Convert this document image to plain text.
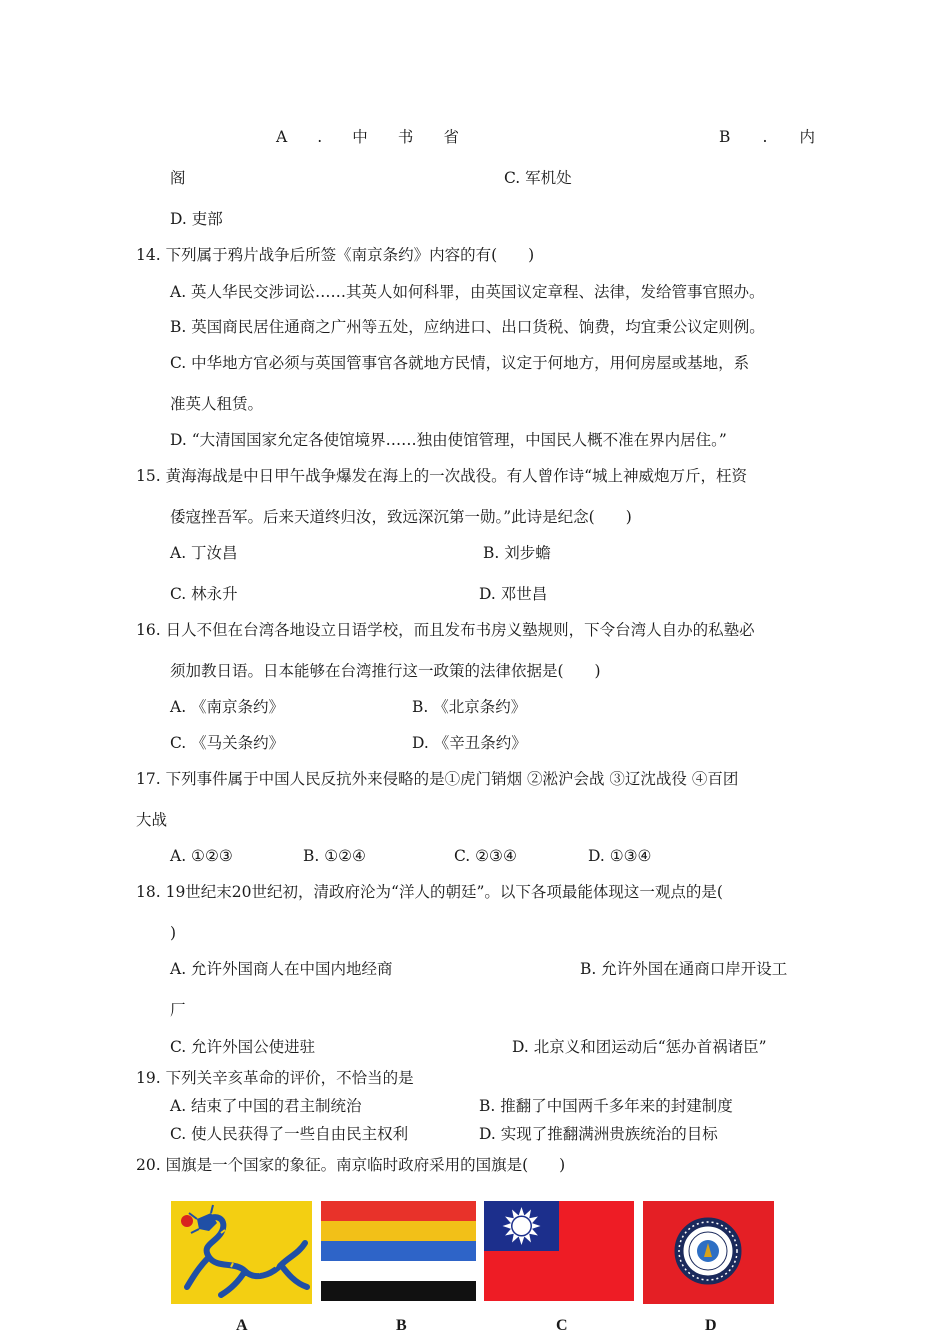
A . 中 书 省	B . 内
阁	C. 军机处
D. 吏部
14. 下列属于鸦片战争后所签《南京条约》内容的有(　　)
A. 英人华民交涉词讼……其英人如何科罪，由英国议定章程、法律，发给管事官照办。
B. 英国商民居住通商之广州等五处，应纳进口、出口货税、饷费，均宜秉公议定则例。
C. 中华地方官必须与英国管事官各就地方民情，议定于何地方，用何房屋或基地，系
准英人租赁。
D. “大清国国家允定各使馆境界……独由使馆管理，中国民人概不准在界内居住。”
15. 黄海海战是中日甲午战争爆发在海上的一次战役。有人曾作诗“城上神威炮万斤，枉资
倭寇挫吾军。后来天道终归汝，致远深沉第一勋。”此诗是纪念(　　)
A. 丁汝昌	B. 刘步蟾
C. 林永升	D. 邓世昌
16. 日人不但在台湾各地设立日语学校，而且发布书房义塾规则，下令台湾人自办的私塾必
须加教日语。日本能够在台湾推行这一政策的法律依据是(　　)
A. 《南京条约》	B. 《北京条约》
C. 《马关条约》	D. 《辛丑条约》
17. 下列事件属于中国人民反抗外来侵略的是①虎门销烟 ②淞沪会战 ③辽沈战役 ④百团
大战
A. ①②③	B. ①②④	C. ②③④	D. ①③④
18. 19世纪末20世纪初，清政府沦为“洋人的朝廷”。以下各项最能体现这一观点的是(
)
A. 允许外国商人在中国内地经商	B. 允许外国在通商口岸开设工
厂
C. 允许外国公使进驻	D. 北京义和团运动后“惩办首祸诸臣”
19. 下列关辛亥革命的评价，不恰当的是
A. 结束了中国的君主制统治	B. 推翻了中国两千多年来的封建制度
C. 使人民获得了一些自由民主权利	D. 实现了推翻满洲贵族统治的目标
20. 国旗是一个国家的象征。南京临时政府采用的国旗是(　　)
A	B	C	D
